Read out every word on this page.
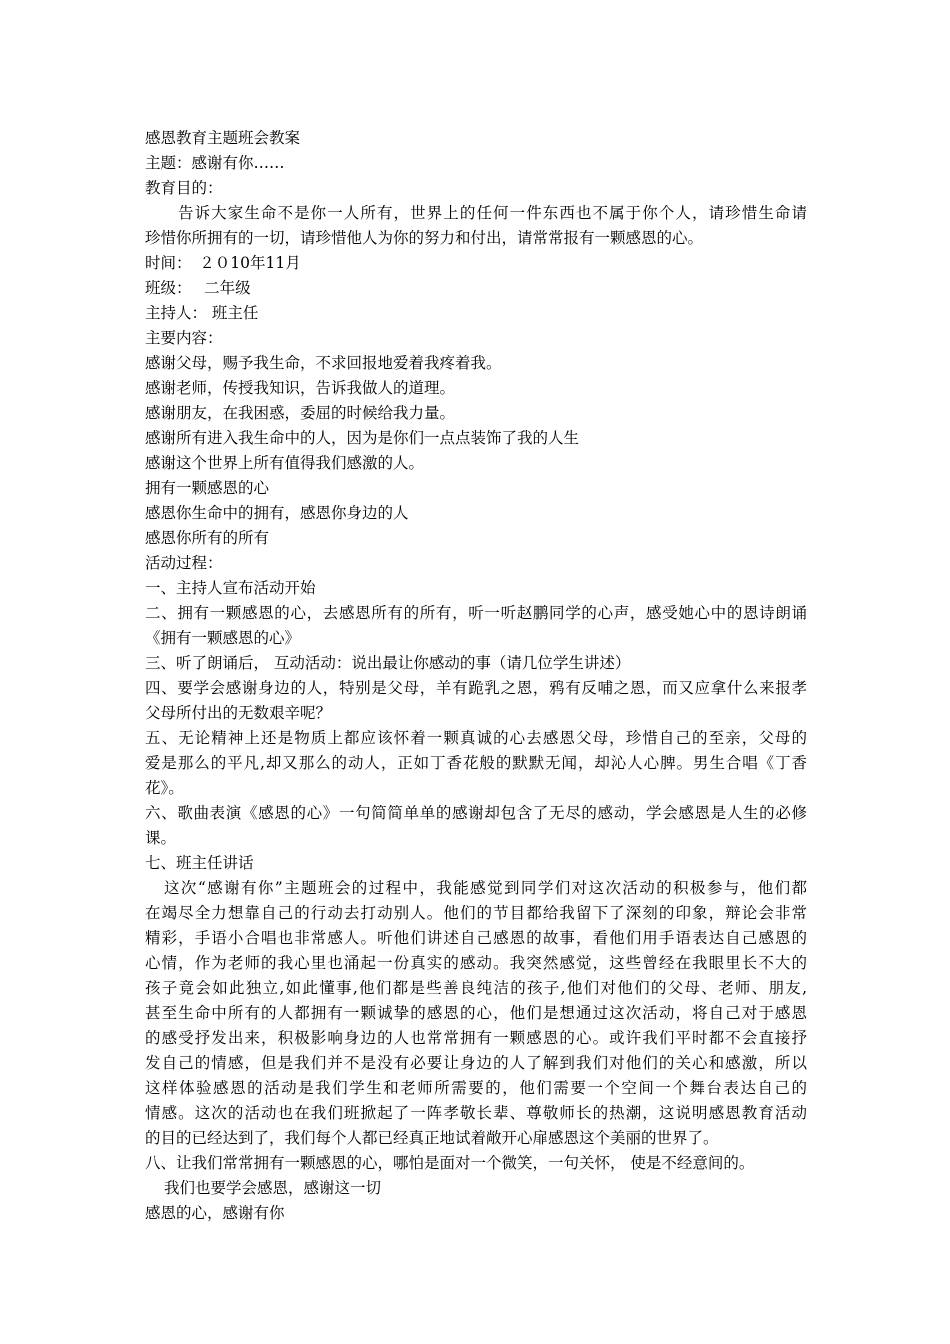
感恩教育主题班会教案
主题：感谢有你……
教育目的：
告诉大家生命不是你一人所有，世界上的任何一件东西也不属于你个人，请珍惜生命请
珍惜你所拥有的一切，请珍惜他人为你的努力和付出，请常常报有一颗感恩的心。
时间：　２０10年11月
班级：　 二年级
主持人： 班主任
主要内容：
感谢父母，赐予我生命，不求回报地爱着我疼着我。
感谢老师，传授我知识，告诉我做人的道理。
感谢朋友，在我困惑，委屈的时候给我力量。
感谢所有进入我生命中的人，因为是你们一点点装饰了我的人生
感谢这个世界上所有值得我们感激的人。
拥有一颗感恩的心
感恩你生命中的拥有，感恩你身边的人
感恩你所有的所有
活动过程：
一、主持人宣布活动开始
二、拥有一颗感恩的心，去感恩所有的所有，听一听赵鹏同学的心声，感受她心中的恩诗朗诵
《拥有一颗感恩的心》
三、听了朗诵后， 互动活动：说出最让你感动的事（请几位学生讲述）
四、要学会感谢身边的人，特别是父母，羊有跪乳之恩，鸦有反哺之恩，而又应拿什么来报孝
父母所付出的无数艰辛呢？
五、无论精神上还是物质上都应该怀着一颗真诚的心去感恩父母，珍惜自己的至亲，父母的
爱是那么的平凡,却又那么的动人，正如丁香花般的默默无闻，却沁人心脾。男生合唱《丁香
花》。
六、歌曲表演《感恩的心》一句简简单单的感谢却包含了无尽的感动，学会感恩是人生的必修
课。
七、班主任讲话
这次“感谢有你”主题班会的过程中，我能感觉到同学们对这次活动的积极参与，他们都
在竭尽全力想靠自己的行动去打动别人。他们的节目都给我留下了深刻的印象，辩论会非常
精彩，手语小合唱也非常感人。听他们讲述自己感恩的故事，看他们用手语表达自己感恩的
心情，作为老师的我心里也涌起一份真实的感动。我突然感觉，这些曾经在我眼里长不大的
孩子竟会如此独立,如此懂事,他们都是些善良纯洁的孩子,他们对他们的父母、老师、朋友,
甚至生命中所有的人都拥有一颗诚挚的感恩的心，他们是想通过这次活动，将自己对于感恩
的感受抒发出来，积极影响身边的人也常常拥有一颗感恩的心。或许我们平时都不会直接抒
发自己的情感，但是我们并不是没有必要让身边的人了解到我们对他们的关心和感激，所以
这样体验感恩的活动是我们学生和老师所需要的，他们需要一个空间一个舞台表达自己的
情感。这次的活动也在我们班掀起了一阵孝敬长辈、尊敬师长的热潮，这说明感恩教育活动
的目的已经达到了，我们每个人都已经真正地试着敞开心扉感恩这个美丽的世界了。
八、让我们常常拥有一颗感恩的心，哪怕是面对一个微笑，一句关怀， 使是不经意间的。
我们也要学会感恩，感谢这一切
感恩的心，感谢有你
